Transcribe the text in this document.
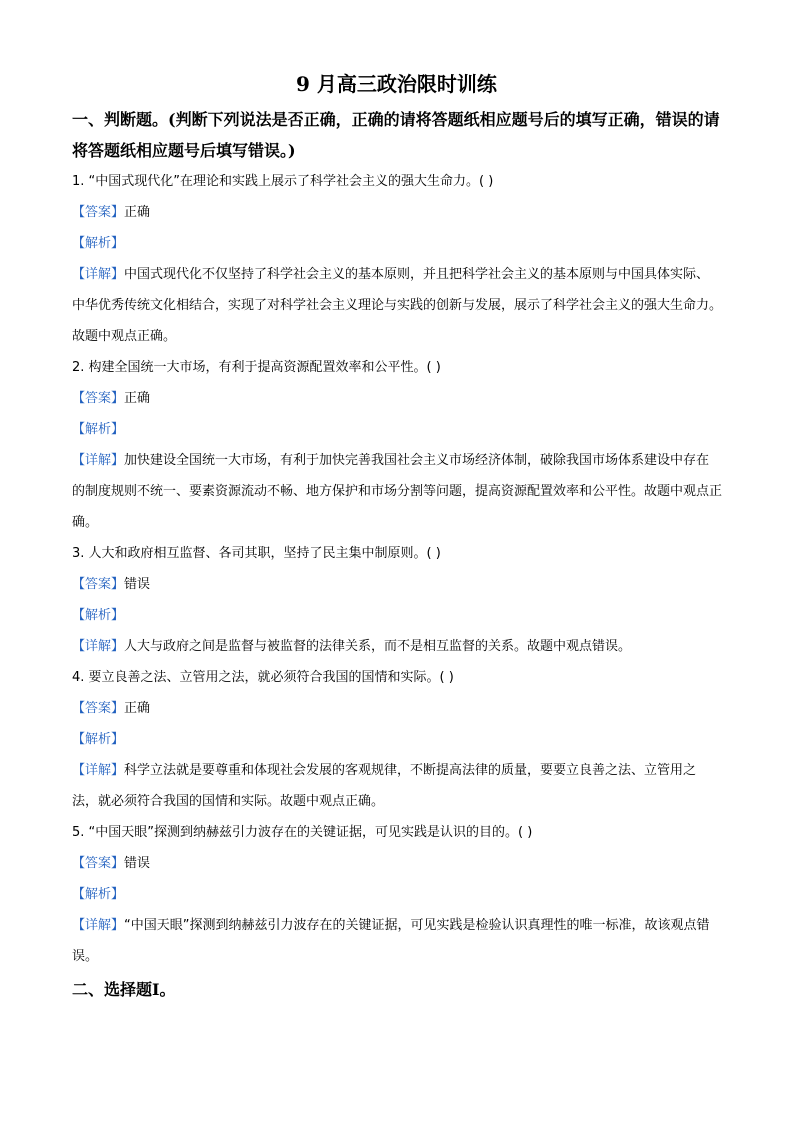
9 月高三政治限时训练
一、判断题。(判断下列说法是否正确，正确的请将答题纸相应题号后的填写正确，错误的请将答题纸相应题号后填写错误。)
1. “中国式现代化”在理论和实践上展示了科学社会主义的强大生命力。( )
【答案】正确
【解析】
【详解】中国式现代化不仅坚持了科学社会主义的基本原则，并且把科学社会主义的基本原则与中国具体实际、中华优秀传统文化相结合，实现了对科学社会主义理论与实践的创新与发展，展示了科学社会主义的强大生命力。故题中观点正确。
2. 构建全国统一大市场，有利于提高资源配置效率和公平性。( )
【答案】正确
【解析】
【详解】加快建设全国统一大市场，有利于加快完善我国社会主义市场经济体制，破除我国市场体系建设中存在的制度规则不统一、要素资源流动不畅、地方保护和市场分割等问题，提高资源配置效率和公平性。故题中观点正确。
3. 人大和政府相互监督、各司其职，坚持了民主集中制原则。( )
【答案】错误
【解析】
【详解】人大与政府之间是监督与被监督的法律关系，而不是相互监督的关系。故题中观点错误。
4. 要立良善之法、立管用之法，就必须符合我国的国情和实际。( )
【答案】正确
【解析】
【详解】科学立法就是要尊重和体现社会发展的客观规律，不断提高法律的质量，要要立良善之法、立管用之法，就必须符合我国的国情和实际。故题中观点正确。
5. “中国天眼”探测到纳赫兹引力波存在的关键证据，可见实践是认识的目的。( )
【答案】错误
【解析】
【详解】“中国天眼”探测到纳赫兹引力波存在的关键证据，可见实践是检验认识真理性的唯一标准，故该观点错误。
二、选择题Ⅰ。
